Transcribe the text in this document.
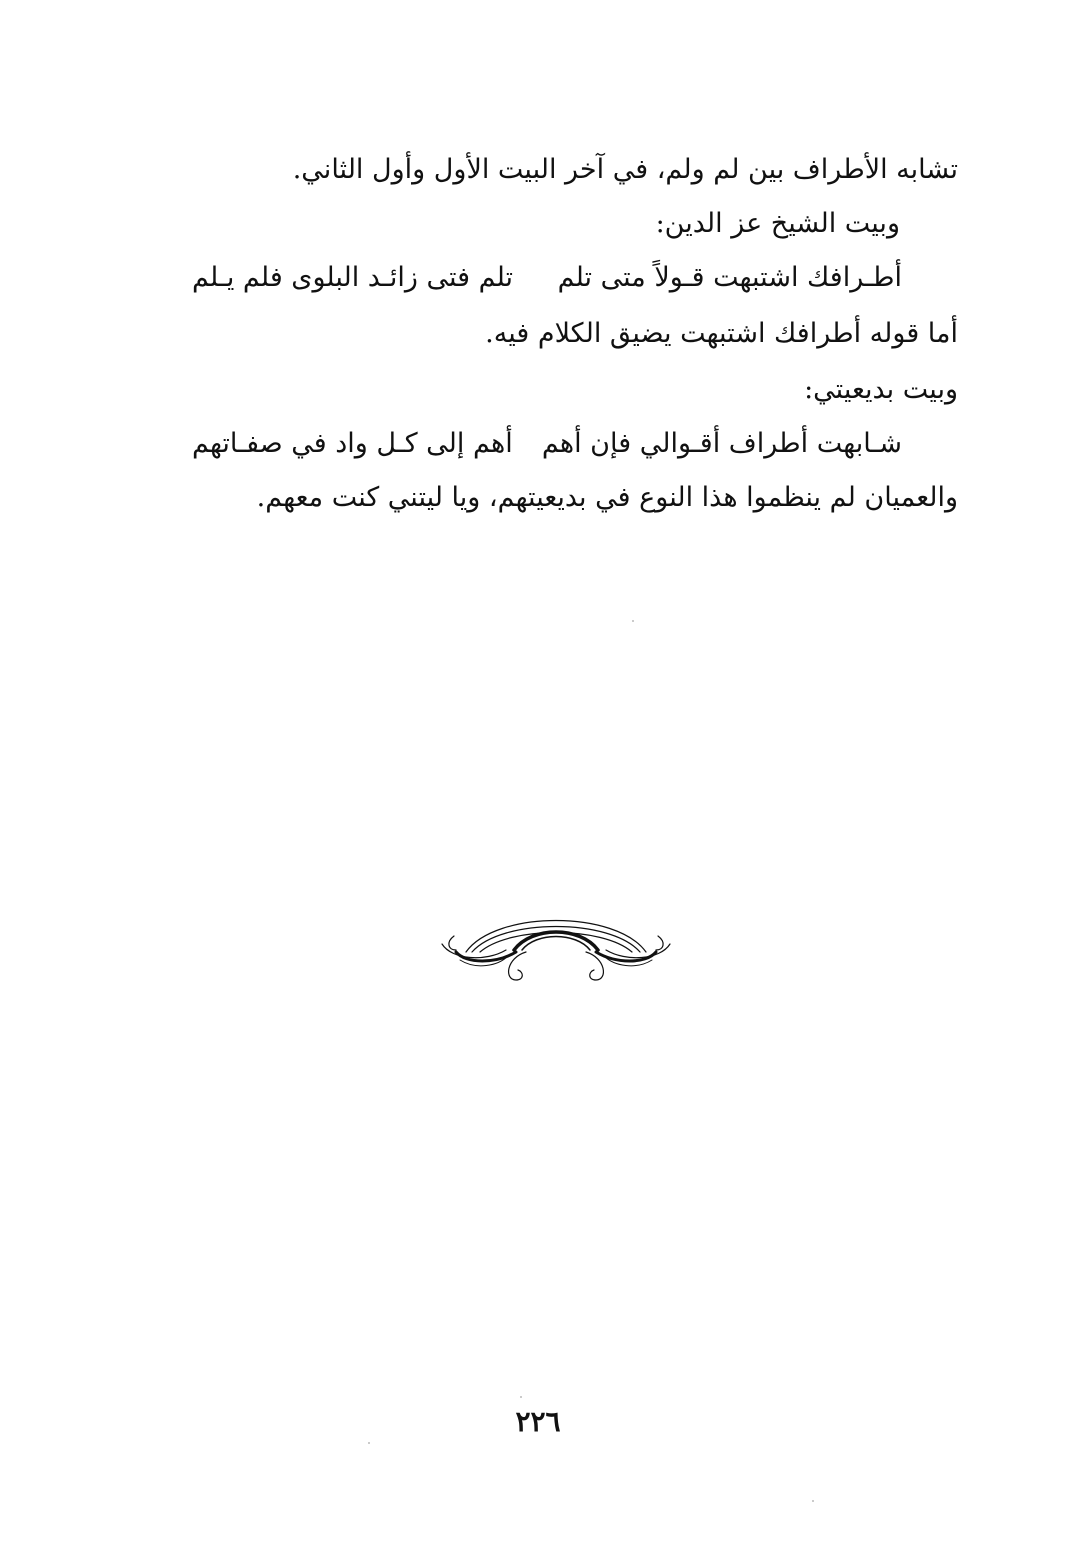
تشابه الأطراف بين لم ولم، في آخر البيت الأول وأول الثاني.
وبيت الشيخ عز الدين:
أطـرافك اشتبهت قـولاً متى تلم
تلم فتى زائـد البلوى فلم يـلم
أما قوله أطرافك اشتبهت يضيق الكلام فيه.
وبيت بديعيتي:
شـابهت أطراف أقـوالي فإن أهم
أهم إلى كـل واد في صفـاتهم
والعميان لم ينظموا هذا النوع في بديعيتهم، ويا ليتني كنت معهم.
٢٢٦
